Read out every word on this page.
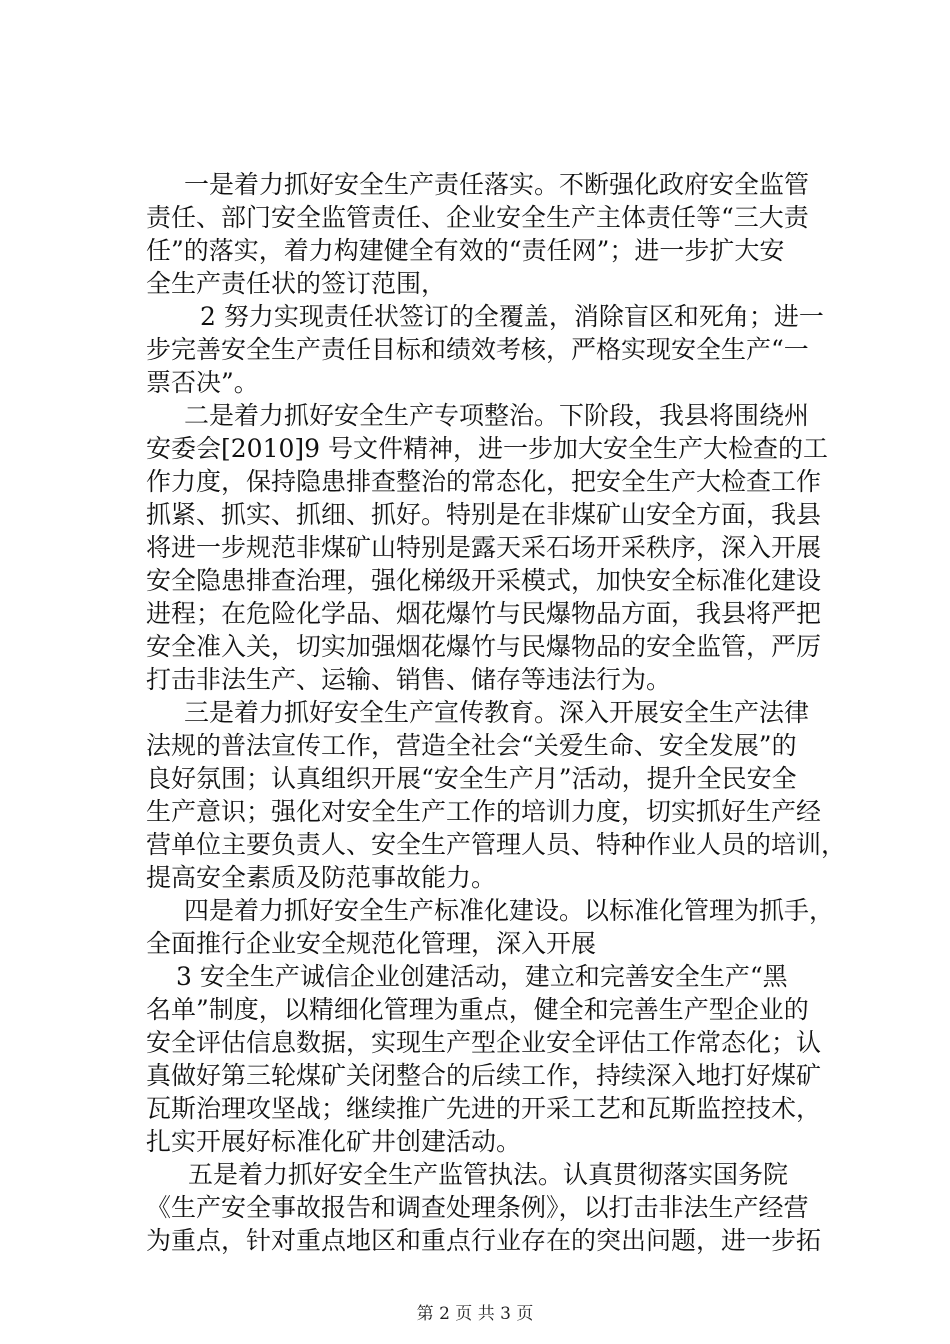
一是着力抓好安全生产责任落实。不断强化政府安全监管
责任、部门安全监管责任、企业安全生产主体责任等“三大责
任”的落实，着力构建健全有效的“责任网”；进一步扩大安
全生产责任状的签订范围，
2 努力实现责任状签订的全覆盖，消除盲区和死角；进一
步完善安全生产责任目标和绩效考核，严格实现安全生产“一
票否决”。
二是着力抓好安全生产专项整治。下阶段，我县将围绕州
安委会[2010]9 号文件精神，进一步加大安全生产大检查的工
作力度，保持隐患排查整治的常态化，把安全生产大检查工作
抓紧、抓实、抓细、抓好。特别是在非煤矿山安全方面，我县
将进一步规范非煤矿山特别是露天采石场开采秩序，深入开展
安全隐患排查治理，强化梯级开采模式，加快安全标准化建设
进程；在危险化学品、烟花爆竹与民爆物品方面，我县将严把
安全准入关，切实加强烟花爆竹与民爆物品的安全监管，严厉
打击非法生产、运输、销售、储存等违法行为。
三是着力抓好安全生产宣传教育。深入开展安全生产法律
法规的普法宣传工作，营造全社会“关爱生命、安全发展”的
良好氛围；认真组织开展“安全生产月”活动，提升全民安全
生产意识；强化对安全生产工作的培训力度，切实抓好生产经
营单位主要负责人、安全生产管理人员、特种作业人员的培训，
提高安全素质及防范事故能力。
四是着力抓好安全生产标准化建设。以标准化管理为抓手，
全面推行企业安全规范化管理，深入开展
3 安全生产诚信企业创建活动，建立和完善安全生产“黑
名单”制度，以精细化管理为重点，健全和完善生产型企业的
安全评估信息数据，实现生产型企业安全评估工作常态化；认
真做好第三轮煤矿关闭整合的后续工作，持续深入地打好煤矿
瓦斯治理攻坚战；继续推广先进的开采工艺和瓦斯监控技术，
扎实开展好标准化矿井创建活动。
五是着力抓好安全生产监管执法。认真贯彻落实国务院
《生产安全事故报告和调查处理条例》，以打击非法生产经营
为重点，针对重点地区和重点行业存在的突出问题，进一步拓
第 2 页 共 3 页
